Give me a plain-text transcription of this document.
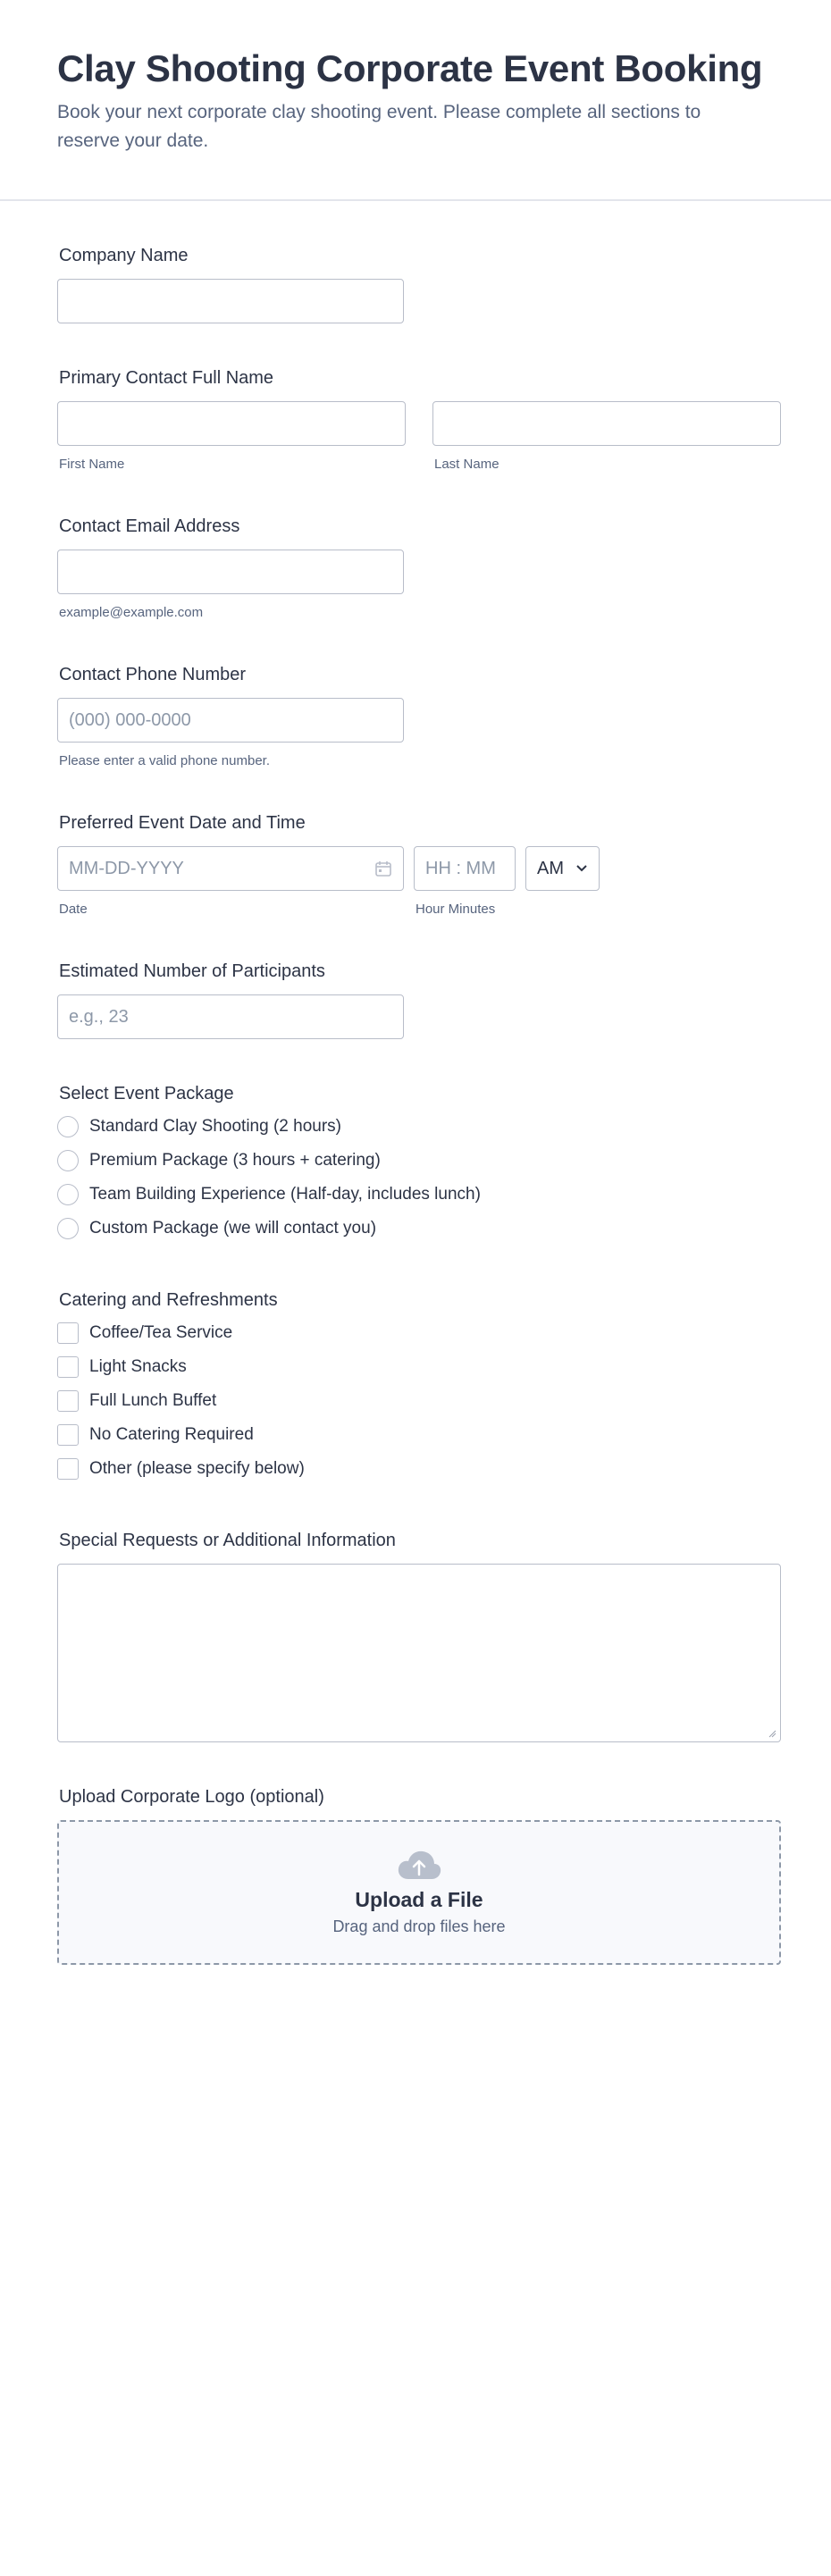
Clay Shooting Corporate Event Booking
Book your next corporate clay shooting event. Please complete all sections to reserve your date.
Company Name
Primary Contact Full Name
First Name	Last Name
Contact Email Address
example@example.com
Contact Phone Number
(000) 000-0000
Please enter a valid phone number.
Preferred Event Date and Time
MM-DD-YYYY
Date
HH : MM
Hour Minutes
AM
Estimated Number of Participants
e.g., 23
Select Event Package
Standard Clay Shooting (2 hours)
Premium Package (3 hours + catering)
Team Building Experience (Half-day, includes lunch)
Custom Package (we will contact you)
Catering and Refreshments
Coffee/Tea Service
Light Snacks
Full Lunch Buffet
No Catering Required
Other (please specify below)
Special Requests or Additional Information
Upload Corporate Logo (optional)
Upload a File
Drag and drop files here
